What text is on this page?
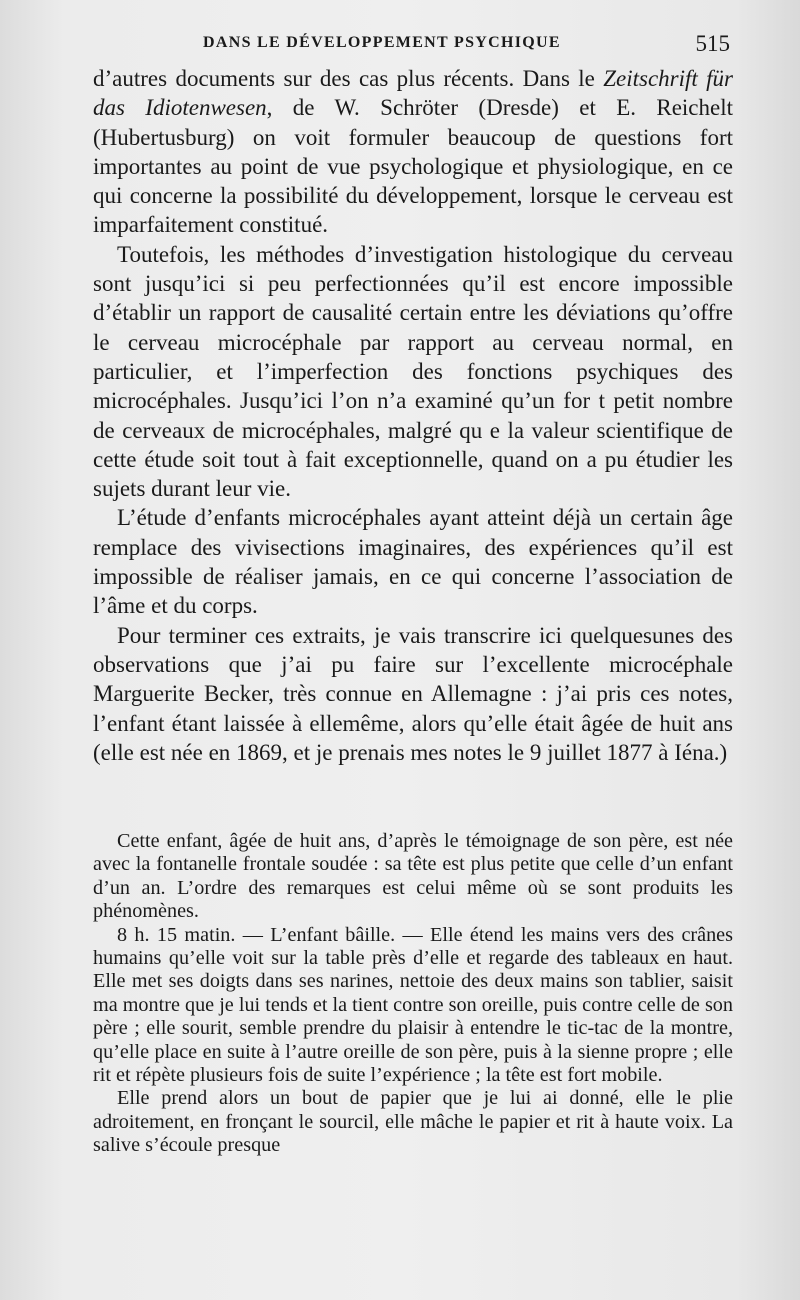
DANS LE DÉVELOPPEMENT PSYCHIQUE	515

d’autres documents sur des cas plus récents. Dans le Zeitschrift für das Idiotenwesen, de W. Schröter (Dresde) et E. Reichelt (Hubertusburg) on voit formuler beaucoup de questions fort importantes au point de vue psychologique et physiologique, en ce qui concerne la possibilité du développement, lorsque le cerveau est imparfaitement constitué.

Toutefois, les méthodes d’investigation histologique du cerveau sont jusqu’ici si peu perfectionnées qu’il est encore impossible d’établir un rapport de causalité certain entre les déviations qu’offre le cerveau microcéphale par rapport au cerveau normal, en particulier, et l’imperfection des fonctions psychiques des microcéphales. Jusqu’ici l’on n’a examiné qu’un for t petit nombre de cerveaux de microcéphales, malgré qu e la valeur scientifique de cette étude soit tout à fait exceptionnelle, quand on a pu étudier les sujets durant leur vie.

L’étude d’enfants microcéphales ayant atteint déjà un certain âge remplace des vivisections imaginaires, des expériences qu’il est impossible de réaliser jamais, en ce qui concerne l’association de l’âme et du corps.

Pour terminer ces extraits, je vais transcrire ici quelquesunes des observations que j’ai pu faire sur l’excellente microcéphale Marguerite Becker, très connue en Allemagne : j’ai pris ces notes, l’enfant étant laissée à ellemême, alors qu’elle était âgée de huit ans (elle est née en 1869, et je prenais mes notes le 9 juillet 1877 à Iéna.)

Cette enfant, âgée de huit ans, d’après le témoignage de son père, est née avec la fontanelle frontale soudée : sa tête est plus petite que celle d’un enfant d’un an. L’ordre des remarques est celui même où se sont produits les phénomènes.

8 h. 15 matin. — L’enfant bâille. — Elle étend les mains vers des crânes humains qu’elle voit sur la table près d’elle et regarde des tableaux en haut. Elle met ses doigts dans ses narines, nettoie des deux mains son tablier, saisit ma montre que je lui tends et la tient contre son oreille, puis contre celle de son père ; elle sourit, semble prendre du plaisir à entendre le tic-tac de la montre, qu’elle place en suite à l’autre oreille de son père, puis à la sienne propre ; elle rit et répète plusieurs fois de suite l’expérience ; la tête est fort mobile.

Elle prend alors un bout de papier que je lui ai donné, elle le plie adroitement, en fronçant le sourcil, elle mâche le papier et rit à haute voix. La salive s’écoule presque
